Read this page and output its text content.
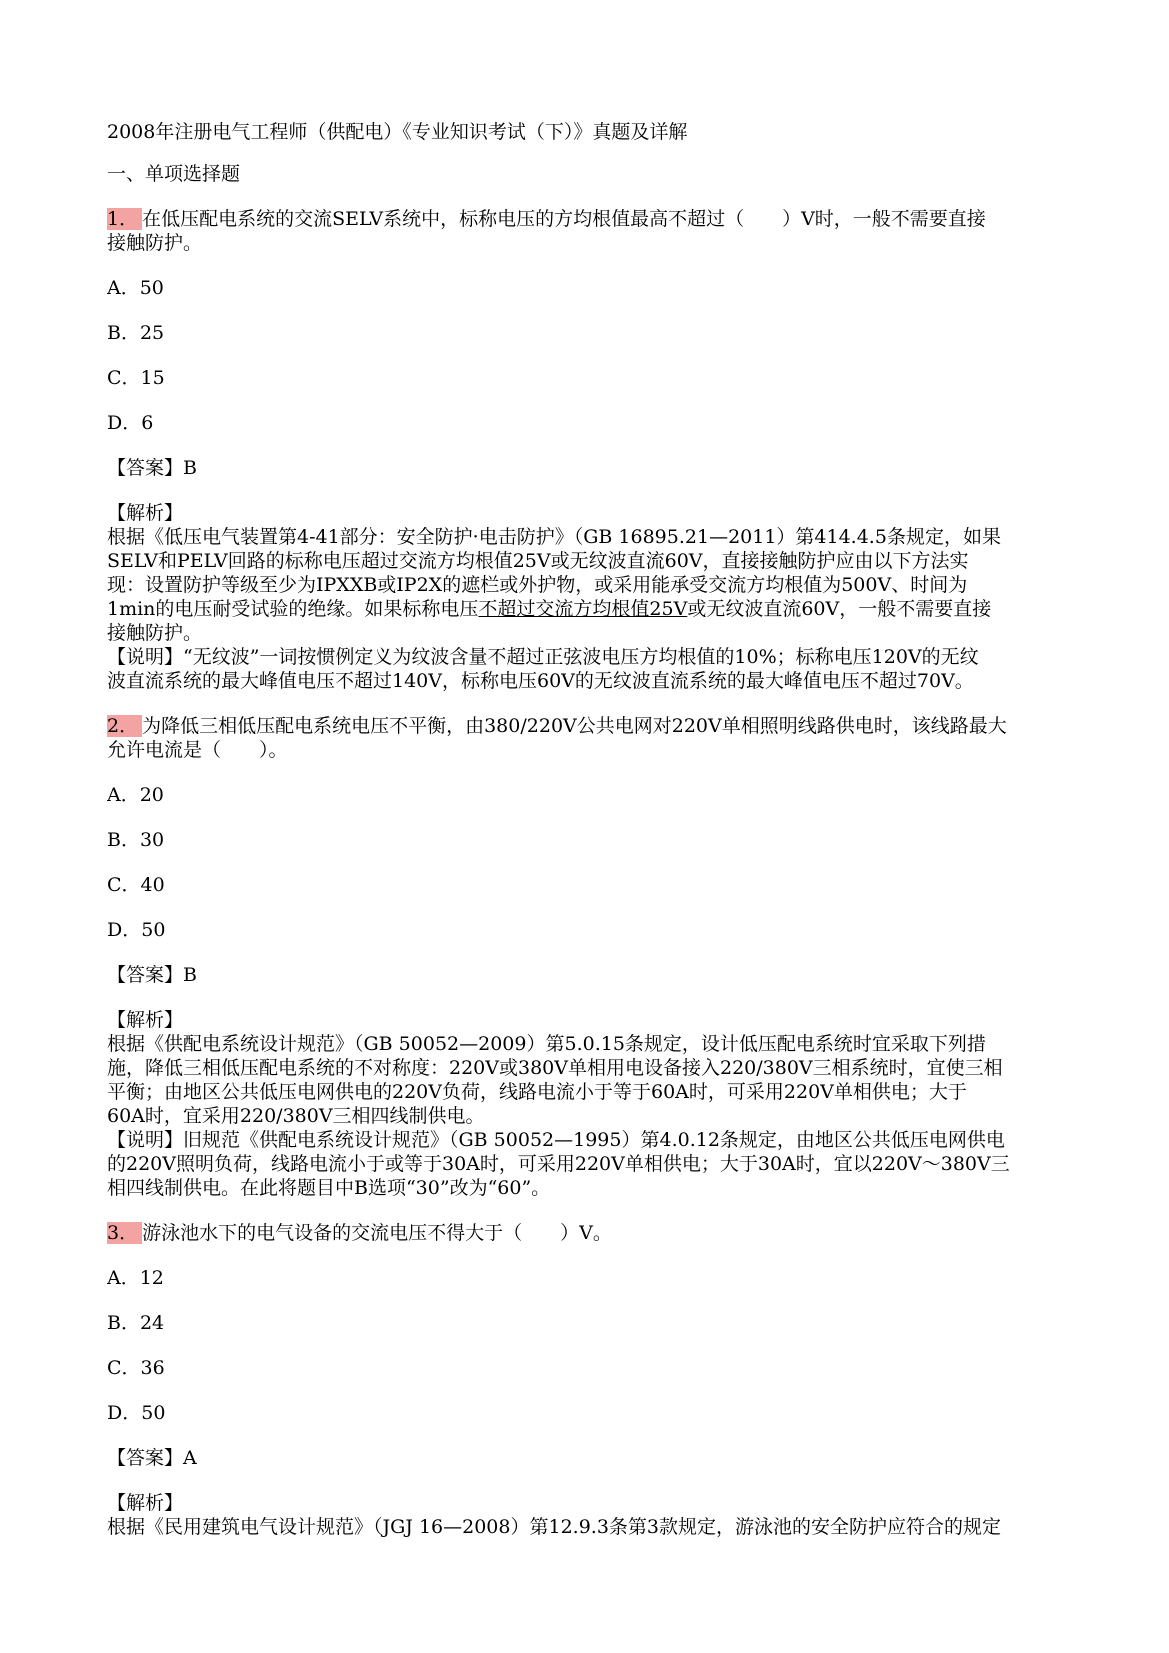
2008年注册电气工程师（供配电）《专业知识考试（下）》真题及详解
一、单项选择题
1． 在低压配电系统的交流SELV系统中，标称电压的方均根值最高不超过（　　）V时，一般不需要直接
接触防护。
A．50
B．25
C．15
D．6
【答案】B
【解析】
根据《低压电气装置第4-41部分：安全防护·电击防护》（GB 16895.21—2011）第414.4.5条规定，如果
SELV和PELV回路的标称电压超过交流方均根值25V或无纹波直流60V，直接接触防护应由以下方法实
现：设置防护等级至少为IPXXB或IP2X的遮栏或外护物，或采用能承受交流方均根值为500V、时间为
1min的电压耐受试验的绝缘。如果标称电压不超过交流方均根值25V或无纹波直流60V，一般不需要直接
接触防护。
【说明】“无纹波”一词按惯例定义为纹波含量不超过正弦波电压方均根值的10%；标称电压120V的无纹
波直流系统的最大峰值电压不超过140V，标称电压60V的无纹波直流系统的最大峰值电压不超过70V。
2． 为降低三相低压配电系统电压不平衡，由380/220V公共电网对220V单相照明线路供电时，该线路最大
允许电流是（　　）。
A．20
B．30
C．40
D．50
【答案】B
【解析】
根据《供配电系统设计规范》（GB 50052—2009）第5.0.15条规定，设计低压配电系统时宜采取下列措
施，降低三相低压配电系统的不对称度：220V或380V单相用电设备接入220/380V三相系统时，宜使三相
平衡；由地区公共低压电网供电的220V负荷，线路电流小于等于60A时，可采用220V单相供电；大于
60A时，宜采用220/380V三相四线制供电。
【说明】旧规范《供配电系统设计规范》（GB 50052—1995）第4.0.12条规定，由地区公共低压电网供电
的220V照明负荷，线路电流小于或等于30A时，可采用220V单相供电；大于30A时，宜以220V～380V三
相四线制供电。在此将题目中B选项“30”改为“60”。
3． 游泳池水下的电气设备的交流电压不得大于（　　）V。
A．12
B．24
C．36
D．50
【答案】A
【解析】
根据《民用建筑电气设计规范》（JGJ 16—2008）第12.9.3条第3款规定，游泳池的安全防护应符合的规定
